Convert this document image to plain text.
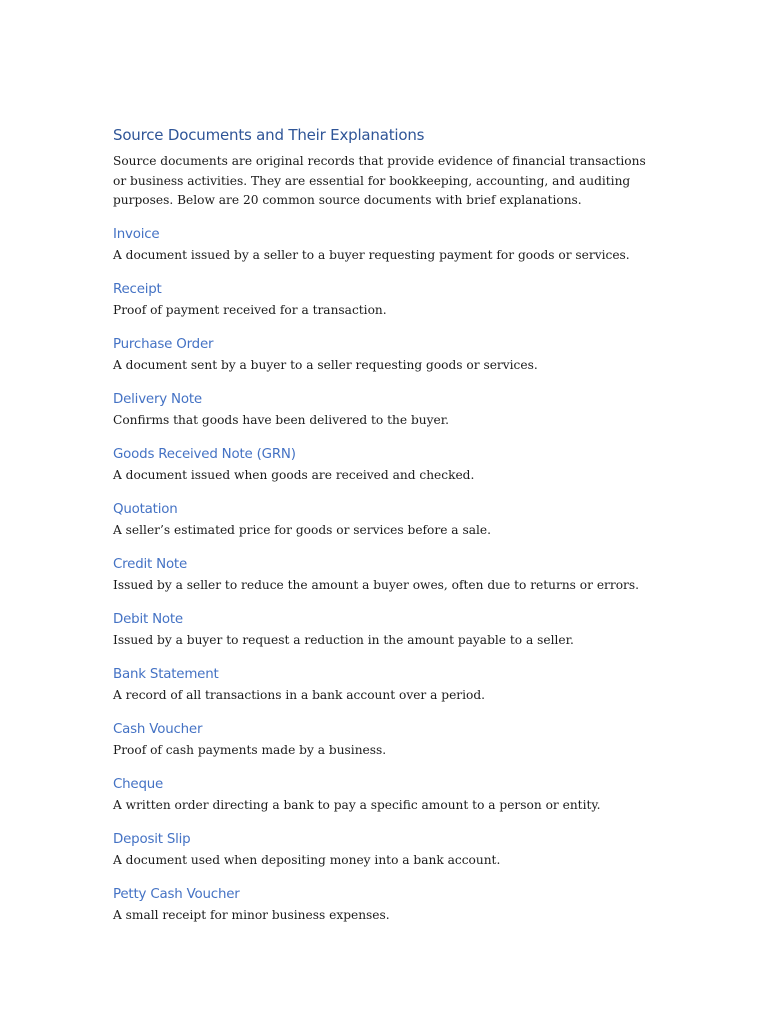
Source Documents and Their Explanations

Source documents are original records that provide evidence of financial transactions or business activities. They are essential for bookkeeping, accounting, and auditing purposes. Below are 20 common source documents with brief explanations.

Invoice

A document issued by a seller to a buyer requesting payment for goods or services.

Receipt

Proof of payment received for a transaction.

Purchase Order

A document sent by a buyer to a seller requesting goods or services.

Delivery Note

Confirms that goods have been delivered to the buyer.

Goods Received Note (GRN)

A document issued when goods are received and checked.

Quotation

A seller’s estimated price for goods or services before a sale.

Credit Note

Issued by a seller to reduce the amount a buyer owes, often due to returns or errors.

Debit Note

Issued by a buyer to request a reduction in the amount payable to a seller.

Bank Statement

A record of all transactions in a bank account over a period.

Cash Voucher

Proof of cash payments made by a business.

Cheque

A written order directing a bank to pay a specific amount to a person or entity.

Deposit Slip

A document used when depositing money into a bank account.

Petty Cash Voucher

A small receipt for minor business expenses.
